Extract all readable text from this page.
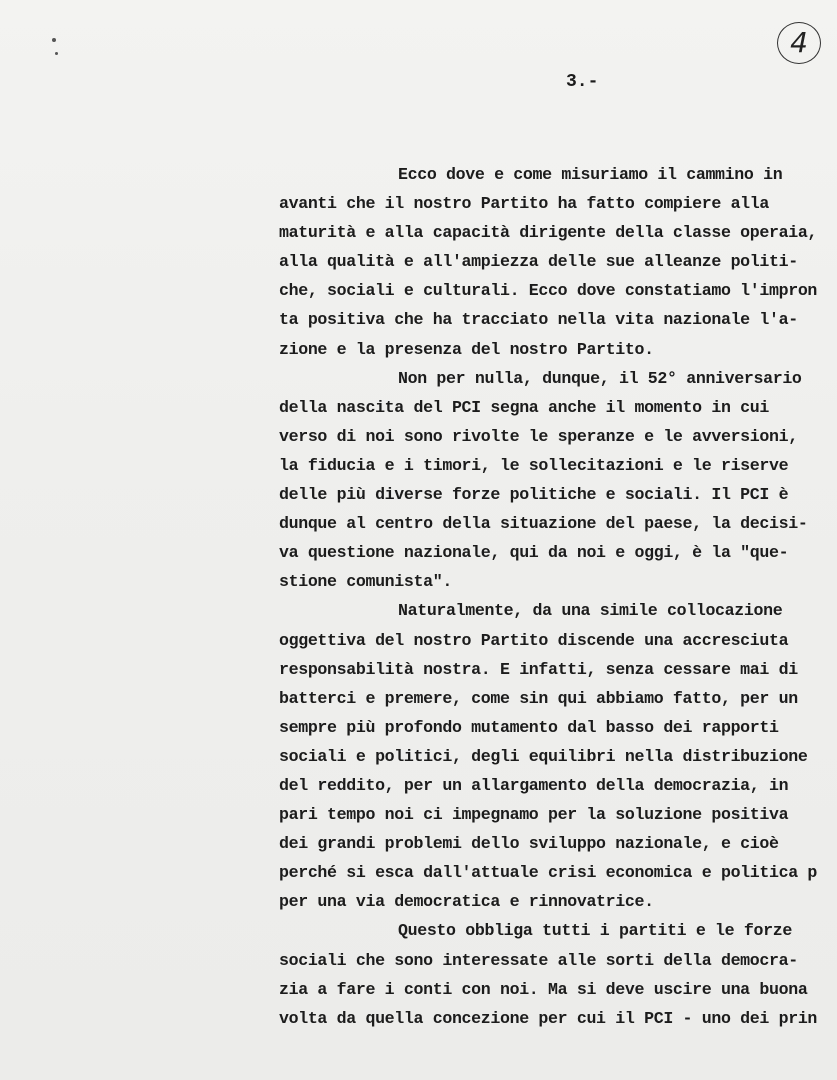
4
3.-
Ecco dove e come misuriamo il cammino in
avanti che il nostro Partito ha fatto compiere alla
maturità e alla capacità dirigente della classe operaia,
alla qualità e all'ampiezza delle sue alleanze politi-
che, sociali e culturali. Ecco dove constatiamo l'impron
ta positiva che ha tracciato nella vita nazionale l'a-
zione e la presenza del nostro Partito.
Non per nulla, dunque, il 52° anniversario
della nascita del PCI segna anche il momento in cui
verso di noi sono rivolte le speranze e le avversioni,
la fiducia e i timori, le sollecitazioni e le riserve
delle più diverse forze politiche e sociali. Il PCI è
dunque al centro della situazione del paese, la decisi-
va questione nazionale, qui da noi e oggi, è la "que-
stione comunista".
Naturalmente, da una simile collocazione
oggettiva del nostro Partito discende una accresciuta
responsabilità nostra. E infatti, senza cessare mai di
batterci e premere, come sin qui abbiamo fatto, per un
sempre più profondo mutamento dal basso dei rapporti
sociali e politici, degli equilibri nella distribuzione
del reddito, per un allargamento della democrazia, in
pari tempo noi ci impegnamo per la soluzione positiva
dei grandi problemi dello sviluppo nazionale, e cioè
perché si esca dall'attuale crisi economica e politica p
per una via democratica e rinnovatrice.
Questo obbliga tutti i partiti e le forze
sociali che sono interessate alle sorti della democra-
zia a fare i conti con noi. Ma si deve uscire una buona
volta da quella concezione per cui il PCI - uno dei prin
